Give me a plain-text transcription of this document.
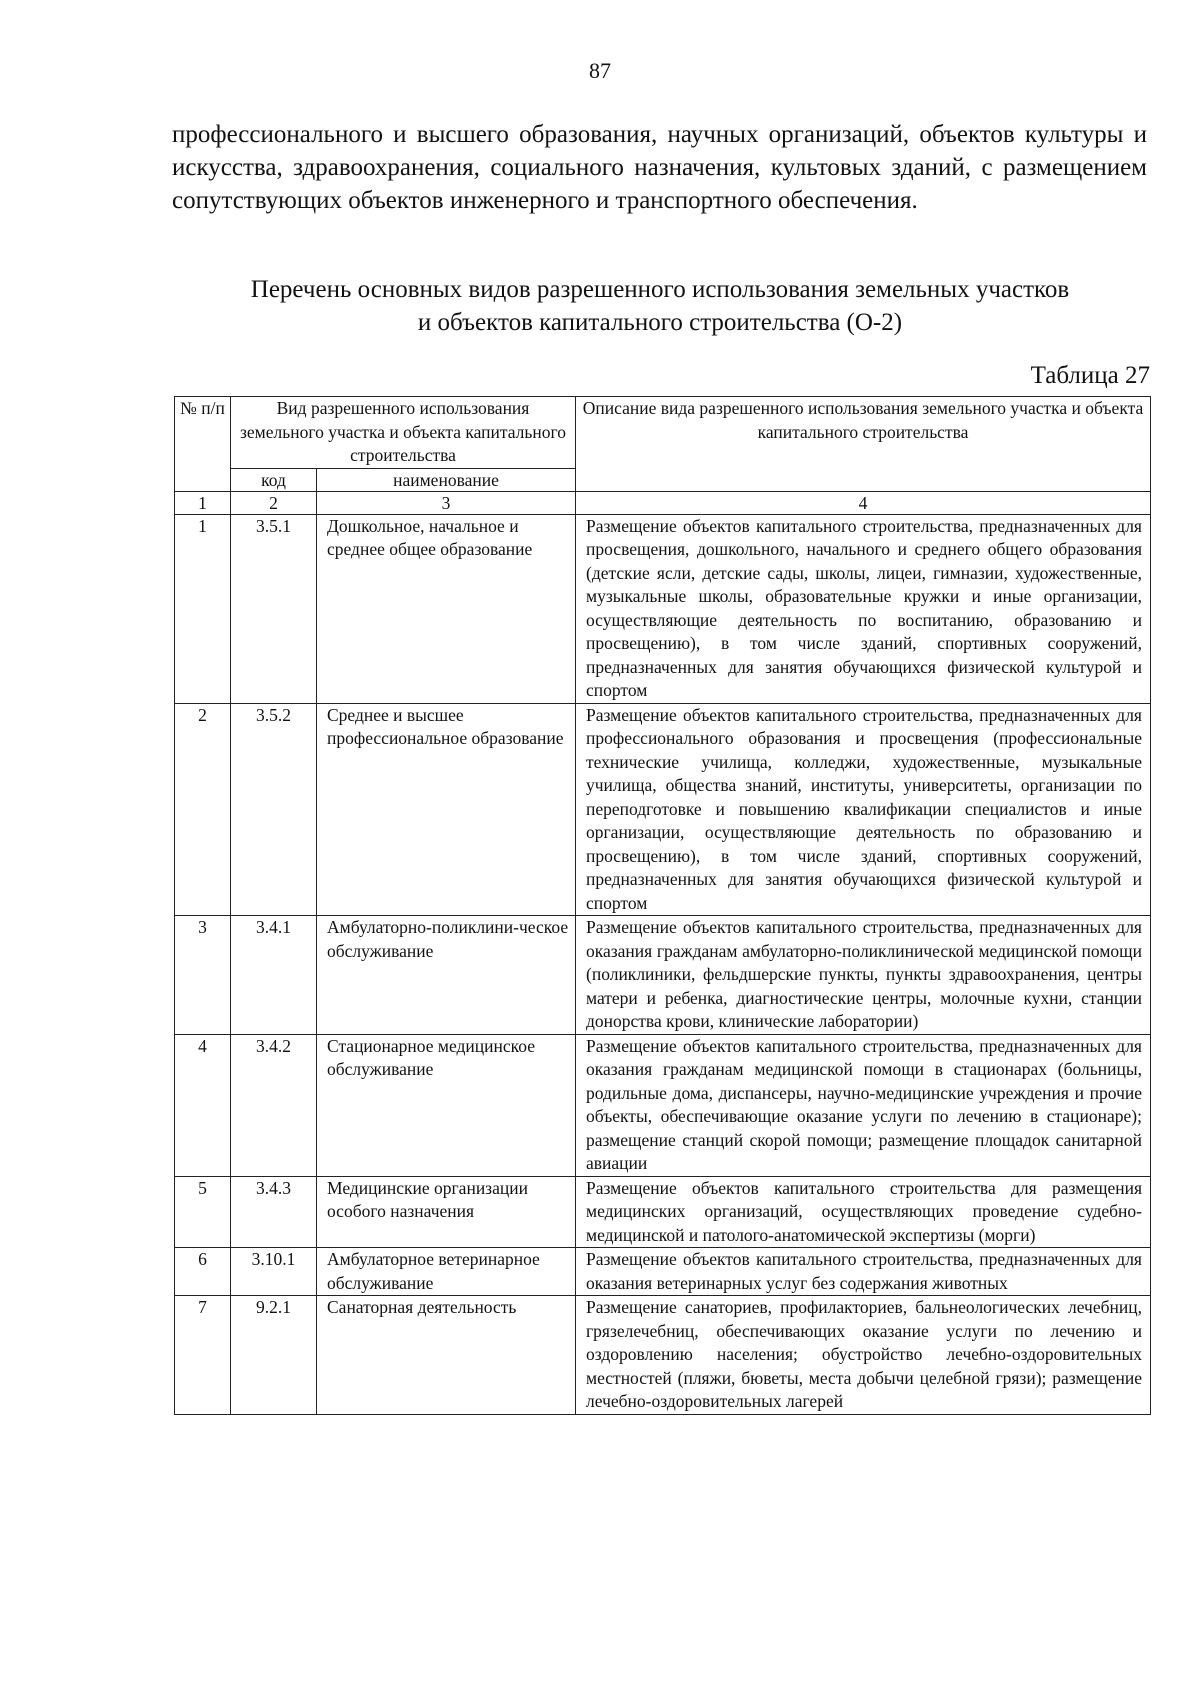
87

профессионального и высшего образования, научных организаций, объектов культуры и искусства, здравоохранения, социального назначения, культовых зданий, с размещением сопутствующих объектов инженерного и транспортного обеспечения.

Перечень основных видов разрешенного использования земельных участков
и объектов капитального строительства (О-2)
Таблица 27
№ п/п	Вид разрешенного использования земельного участка и объекта капитального строительства		Описание вида разрешенного использования земельного участка и объекта капитального строительства
	код	наименование	
1	2	3	4
1	3.5.1	Дошкольное, начальное и среднее общее образование	Размещение объектов капитального строительства, предназначенных для просвещения, дошкольного, начального и среднего общего образования (детские ясли, детские сады, школы, лицеи, гимназии, художественные, музыкальные школы, образовательные кружки и иные организации, осуществляющие деятельность по воспитанию, образованию и просвещению), в том числе зданий, спортивных сооружений, предназначенных для занятия обучающихся физической культурой и спортом
2	3.5.2	Среднее и высшее профессиональное образование	Размещение объектов капитального строительства, предназначенных для профессионального образования и просвещения (профессиональные технические училища, колледжи, художественные, музыкальные училища, общества знаний, институты, университеты, организации по переподготовке и повышению квалификации специалистов и иные организации, осуществляющие деятельность по образованию и просвещению), в том числе зданий, спортивных сооружений, предназначенных для занятия обучающихся физической культурой и спортом
3	3.4.1	Амбулаторно-поликлини-ческое обслуживание	Размещение объектов капитального строительства, предназначенных для оказания гражданам амбулаторно-поликлинической медицинской помощи (поликлиники, фельдшерские пункты, пункты здравоохранения, центры матери и ребенка, диагностические центры, молочные кухни, станции донорства крови, клинические лаборатории)
4	3.4.2	Стационарное медицинское обслуживание	Размещение объектов капитального строительства, предназначенных для оказания гражданам медицинской помощи в стационарах (больницы, родильные дома, диспансеры, научно-медицинские учреждения и прочие объекты, обеспечивающие оказание услуги по лечению в стационаре); размещение станций скорой помощи; размещение площадок санитарной авиации
5	3.4.3	Медицинские организации особого назначения	Размещение объектов капитального строительства для размещения медицинских организаций, осуществляющих проведение судебно-медицинской и патолого-анатомической экспертизы (морги)
6	3.10.1	Амбулаторное ветеринарное обслуживание	Размещение объектов капитального строительства, предназначенных для оказания ветеринарных услуг без содержания животных
7	9.2.1	Санаторная деятельность	Размещение санаториев, профилакториев, бальнеологических лечебниц, грязелечебниц, обеспечивающих оказание услуги по лечению и оздоровлению населения; обустройство лечебно-оздоровительных местностей (пляжи, бюветы, места добычи целебной грязи); размещение лечебно-оздоровительных лагерей
